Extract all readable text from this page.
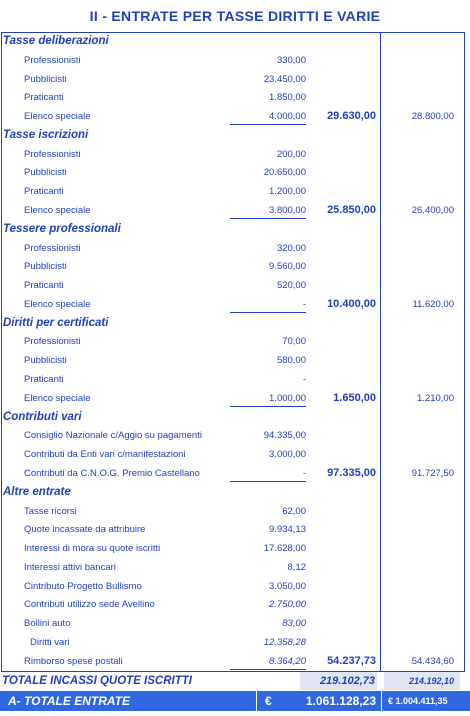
II - ENTRATE PER TASSE DIRITTI E VARIE
Tasse deliberazioni
Professionisti	330,00
Pubblicisti	23.450,00
Praticanti	1.850,00
Elenco speciale	4.000,00	29.630,00	28.800,00
Tasse iscrizioni
Professionisti	200,00
Pubblicisti	20.650,00
Praticanti	1.200,00
Elenco speciale	3.800,00	25.850,00	26.400,00
Tessere professionali
Professionisti	320,00
Pubblicisti	9.560,00
Praticanti	520,00
Elenco speciale	-	10.400,00	11.620,00
Diritti per certificati
Professionisti	70,00
Pubblicisti	580,00
Praticanti	-
Elenco speciale	1.000,00	1.650,00	1.210,00
Contributi vari
Consiglio Nazionale c/Aggio su pagamenti	94.335,00
Contributi da Enti vari c/manifestazioni	3.000,00
Contributi da C.N.O.G. Premio Castellano	-	97.335,00	91.727,50
Altre entrate
Tasse ricorsi	62,00
Quote incassate da attribuire	9.934,13
Interessi di mora su quote iscritti	17.628,00
Interessi attivi bancari	8,12
Cintributo Progetto Bullismo	3.050,00
Contributi utilizzo sede Avellino	2.750,00
Bollini auto	83,00
Diritti vari	12.358,28
Rimborso spese postali	8.364,20	54.237,73	54.434,60
TOTALE INCASSI QUOTE ISCRITTI	219.102,73	214.192,10
A- TOTALE ENTRATE	€	1.061.128,23 € 1.004.411,35
